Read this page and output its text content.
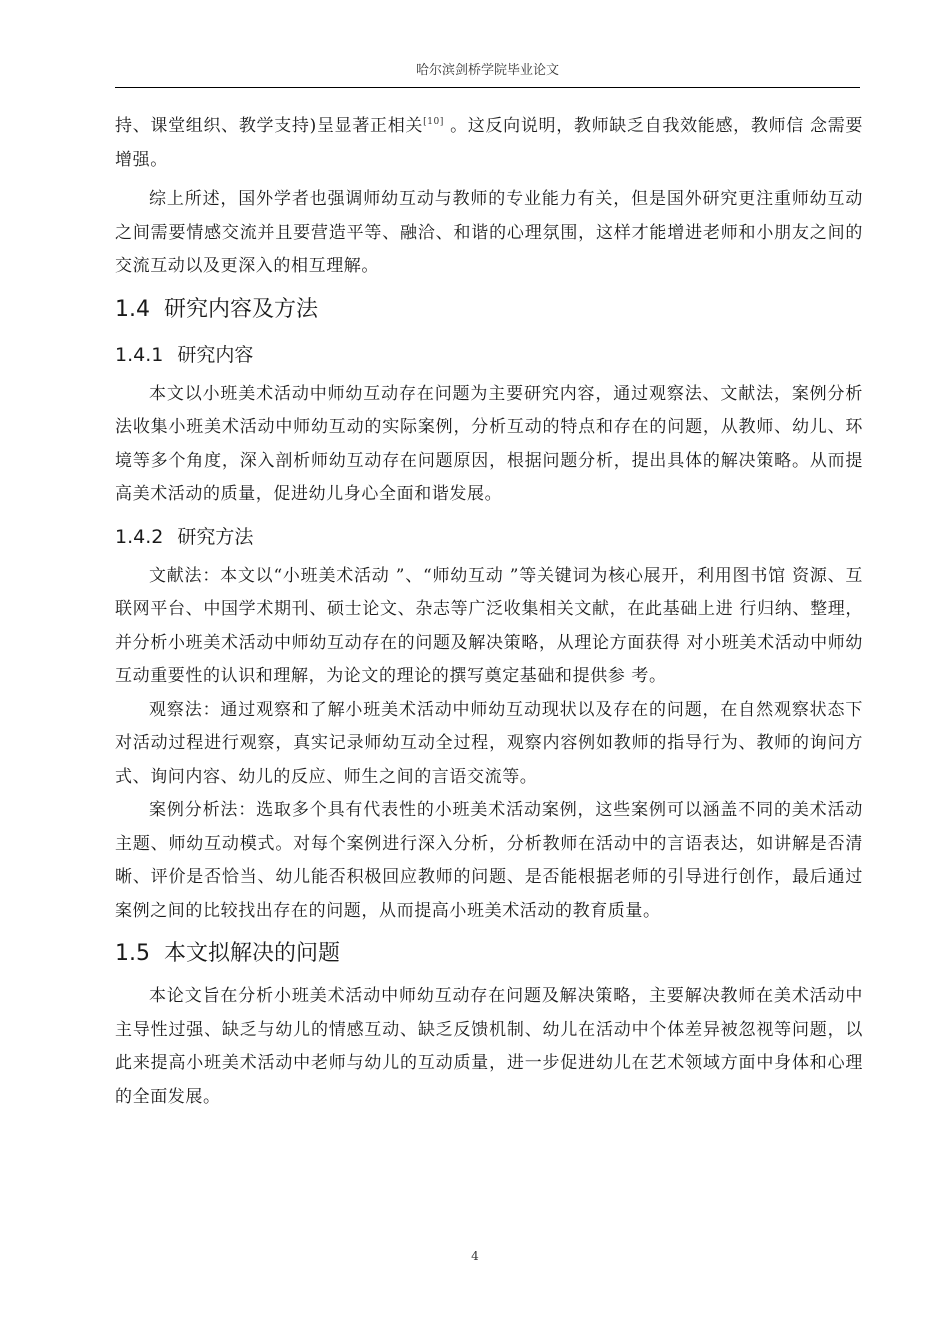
哈尔滨剑桥学院毕业论文

持、课堂组织、教学支持)呈显著正相关[10] 。这反向说明，教师缺乏自我效能感，教师信 念需要增强。

综上所述，国外学者也强调师幼互动与教师的专业能力有关，但是国外研究更注重师幼互动之间需要情感交流并且要营造平等、融洽、和谐的心理氛围，这样才能增进老师和小朋友之间的交流互动以及更深入的相互理解。

1.4 研究内容及方法
1.4.1 研究内容

本文以小班美术活动中师幼互动存在问题为主要研究内容，通过观察法、文献法，案例分析法收集小班美术活动中师幼互动的实际案例，分析互动的特点和存在的问题，从教师、幼儿、环境等多个角度，深入剖析师幼互动存在问题原因，根据问题分析，提出具体的解决策略。从而提高美术活动的质量，促进幼儿身心全面和谐发展。

1.4.2 研究方法

文献法：本文以“小班美术活动 ”、“师幼互动 ”等关键词为核心展开，利用图书馆 资源、互联网平台、中国学术期刊、硕士论文、杂志等广泛收集相关文献，在此基础上进 行归纳、整理，并分析小班美术活动中师幼互动存在的问题及解决策略，从理论方面获得 对小班美术活动中师幼互动重要性的认识和理解，为论文的理论的撰写奠定基础和提供参 考。

观察法：通过观察和了解小班美术活动中师幼互动现状以及存在的问题，在自然观察状态下对活动过程进行观察，真实记录师幼互动全过程，观察内容例如教师的指导行为、教师的询问方式、询问内容、幼儿的反应、师生之间的言语交流等。

案例分析法：选取多个具有代表性的小班美术活动案例，这些案例可以涵盖不同的美术活动主题、师幼互动模式。对每个案例进行深入分析，分析教师在活动中的言语表达，如讲解是否清晰、评价是否恰当、幼儿能否积极回应教师的问题、是否能根据老师的引导进行创作，最后通过案例之间的比较找出存在的问题，从而提高小班美术活动的教育质量。

1.5 本文拟解决的问题

本论文旨在分析小班美术活动中师幼互动存在问题及解决策略，主要解决教师在美术活动中主导性过强、缺乏与幼儿的情感互动、缺乏反馈机制、幼儿在活动中个体差异被忽视等问题，以此来提高小班美术活动中老师与幼儿的互动质量，进一步促进幼儿在艺术领域方面中身体和心理的全面发展。

4
